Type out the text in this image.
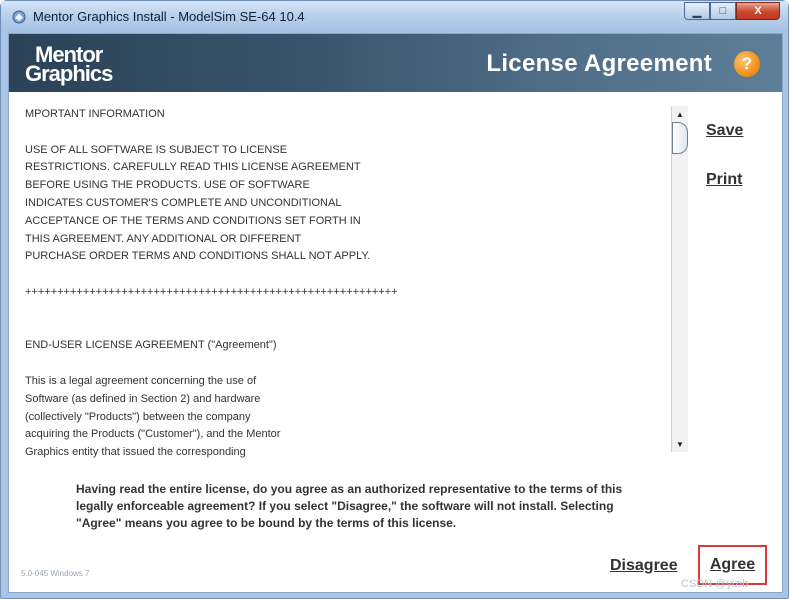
Mentor Graphics Install - ModelSim SE-64 10.4	▁	□	X
Mentor
Graphics	License Agreement	?
MPORTANT INFORMATION

USE OF ALL SOFTWARE IS SUBJECT TO LICENSE
RESTRICTIONS. CAREFULLY READ THIS LICENSE AGREEMENT
BEFORE USING THE PRODUCTS. USE OF SOFTWARE
INDICATES CUSTOMER'S COMPLETE AND UNCONDITIONAL
ACCEPTANCE OF THE TERMS AND CONDITIONS SET FORTH IN
THIS AGREEMENT. ANY ADDITIONAL OR DIFFERENT
PURCHASE ORDER TERMS AND CONDITIONS SHALL NOT APPLY.

++++++++++++++++++++++++++++++++++++++++++++++++++++++++++

END-USER LICENSE AGREEMENT ("Agreement")

This is a legal agreement concerning the use of
Software (as defined in Section 2) and hardware
(collectively "Products") between the company
acquiring the Products ("Customer"), and the Mentor
Graphics entity that issued the corresponding
▲
▼
Save
Print
Having read the entire license, do you agree as an authorized representative to the terms of this legally enforceable agreement? If you select "Disagree," the software will not install. Selecting "Agree" means you agree to be bound by the terms of this license.
5.0-045 Windows 7	Disagree Agree
CSDN @yizib
